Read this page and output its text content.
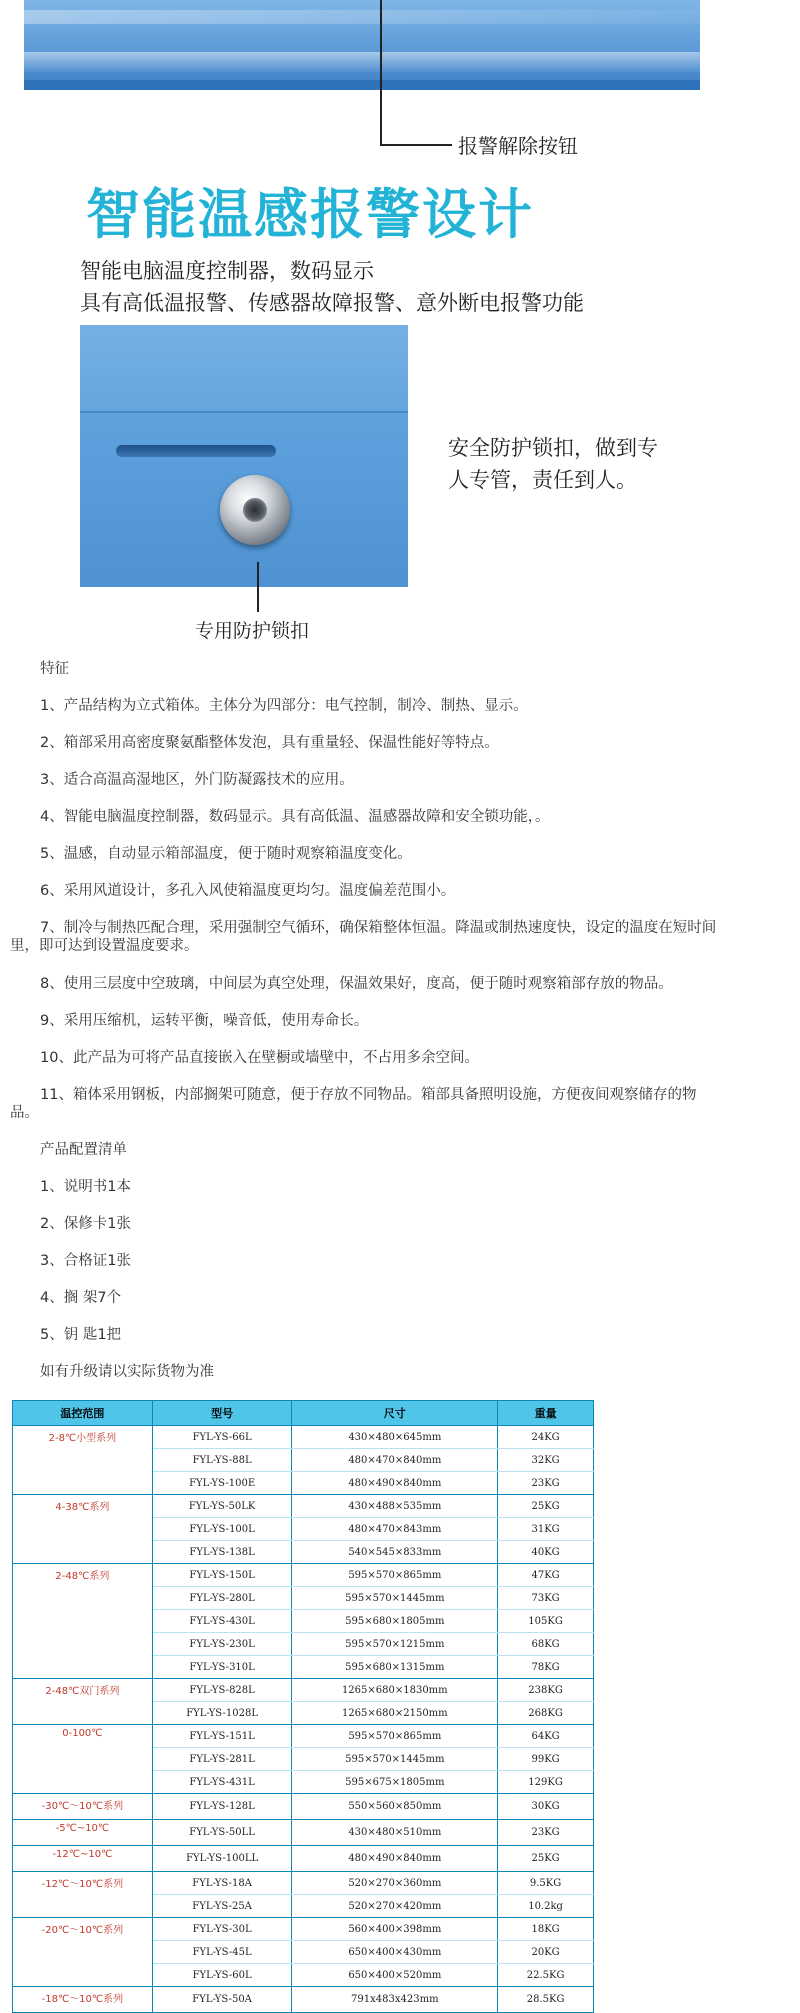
报警解除按钮
智能温感报警设计
智能电脑温度控制器，数码显示
具有高低温报警、传感器故障报警、意外断电报警功能
专用防护锁扣
安全防护锁扣，做到专
人专管，责任到人。
特征
1、产品结构为立式箱体。主体分为四部分：电气控制，制冷、制热、显示。
2、箱部采用高密度聚氨酯整体发泡，具有重量轻、保温性能好等特点。
3、适合高温高湿地区，外门防凝露技术的应用。
4、智能电脑温度控制器，数码显示。具有高低温、温感器故障和安全锁功能，。
5、温感，自动显示箱部温度，便于随时观察箱温度变化。
6、采用风道设计，多孔入风使箱温度更均匀。温度偏差范围小。
7、制冷与制热匹配合理，采用强制空气循环，确保箱整体恒温。降温或制热速度快，设定的温度在短时间
里，即可达到设置温度要求。
8、使用三层度中空玻璃，中间层为真空处理，保温效果好，度高，便于随时观察箱部存放的物品。
9、采用压缩机，运转平衡，噪音低，使用寿命长。
10、此产品为可将产品直接嵌入在壁橱或墙壁中，不占用多余空间。
11、箱体采用钢板，内部搁架可随意，便于存放不同物品。箱部具备照明设施，方便夜间观察储存的物
品。
产品配置清单
1、说明书1本
2、保修卡1张
3、合格证1张
4、搁 架7个
5、钥 匙1把
如有升级请以实际货物为准
温控范围	型号	尺寸	重量
2-8℃小型系列	FYL-YS-66L	430×480×645mm	24KG
	FYL-YS-88L	480×470×840mm	32KG
	FYL-YS-100E	480×490×840mm	23KG
4-38℃系列	FYL-YS-50LK	430×488×535mm	25KG
	FYL-YS-100L	480×470×843mm	31KG
	FYL-YS-138L	540×545×833mm	40KG
2-48℃系列	FYL-YS-150L	595×570×865mm	47KG
	FYL-YS-280L	595×570×1445mm	73KG
	FYL-YS-430L	595×680×1805mm	105KG
	FYL-YS-230L	595×570×1215mm	68KG
	FYL-YS-310L	595×680×1315mm	78KG
2-48℃双门系列	FYL-YS-828L	1265×680×1830mm	238KG
	FYL-YS-1028L	1265×680×2150mm	268KG
0-100℃	FYL-YS-151L	595×570×865mm	64KG
	FYL-YS-281L	595×570×1445mm	99KG
	FYL-YS-431L	595×675×1805mm	129KG
-30℃～10℃系列	FYL-YS-128L	550×560×850mm	30KG
-5℃~10℃	FYL-YS-50LL	430×480×510mm	23KG
-12℃~10℃	FYL-YS-100LL	480×490×840mm	25KG
-12℃～10℃系列	FYL-YS-18A	520×270×360mm	9.5KG
	FYL-YS-25A	520×270×420mm	10.2kg
-20℃～10℃系列	FYL-YS-30L	560×400×398mm	18KG
	FYL-YS-45L	650×400×430mm	20KG
	FYL-YS-60L	650×400×520mm	22.5KG
-18℃～10℃系列	FYL-YS-50A	791x483x423mm	28.5KG
